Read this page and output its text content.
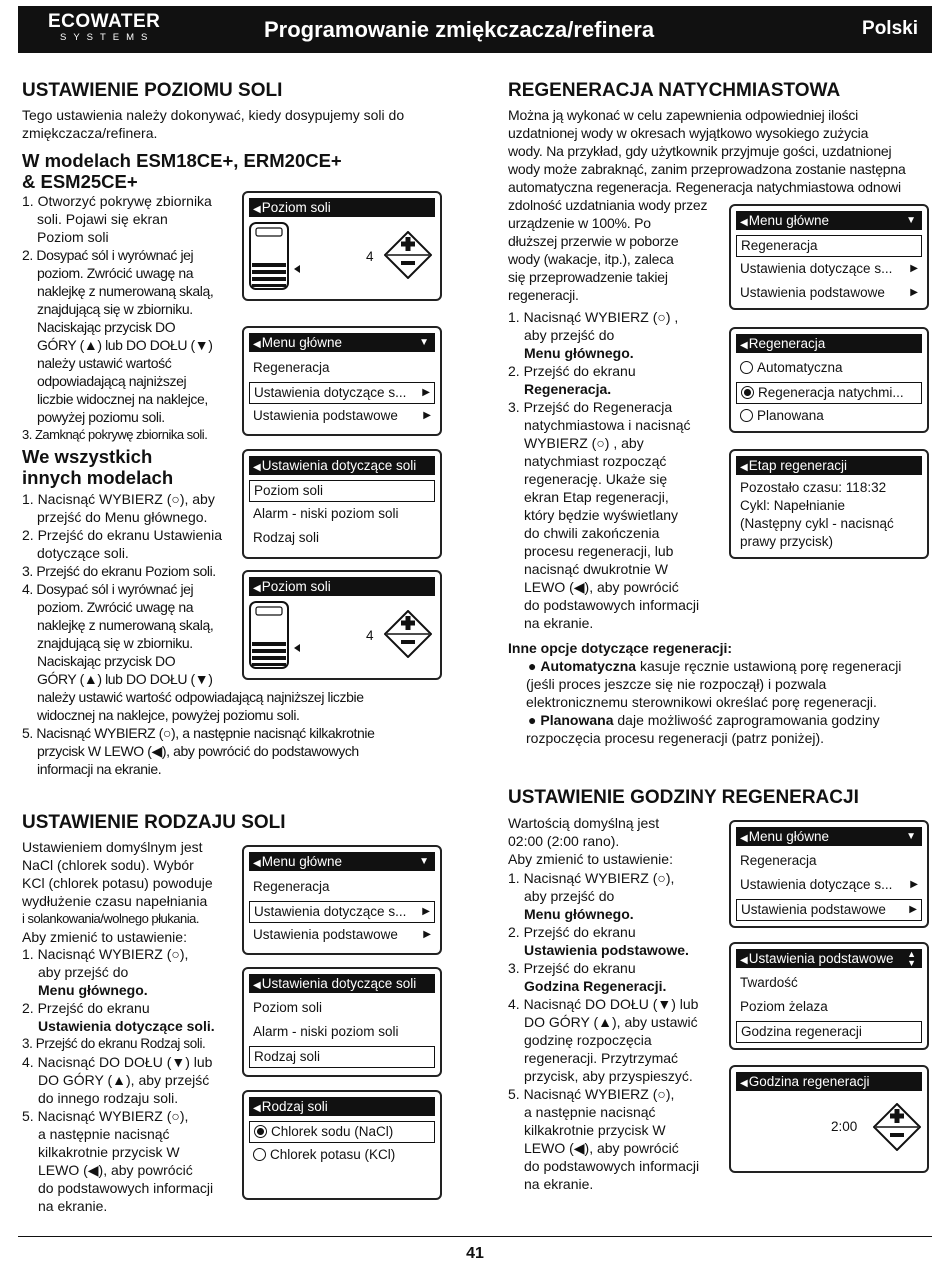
ECOWATER
SYSTEMS	Programowanie zmiękczacza/refinera	Polski
USTAWIENIE POZIOMU SOLI
Tego ustawienia należy dokonywać, kiedy dosypujemy soli do
zmiękczacza/refinera.
W modelach ESM18CE+, ERM20CE+
& ESM25CE+
1. Otworzyć pokrywę zbiornika
soli. Pojawi się ekran
Poziom soli
2. Dosypać sól i wyrównać jej
poziom. Zwrócić uwagę na
naklejkę z numerowaną skalą,
znajdującą się w zbiorniku.
Naciskając przycisk DO
GÓRY (▲) lub DO DOŁU (▼)
należy ustawić wartość
odpowiadającą najniższej
liczbie widocznej na naklejce,
powyżej poziomu soli.
3. Zamknąć pokrywę zbiornika soli.
We wszystkich
innych modelach
1. Nacisnąć WYBIERZ (○), aby
przejść do Menu głównego.
2. Przejść do ekranu Ustawienia
dotyczące soli.
3. Przejść do ekranu Poziom soli.
4. Dosypać sól i wyrównać jej
poziom. Zwrócić uwagę na
naklejkę z numerowaną skalą,
znajdującą się w zbiorniku.
Naciskając przycisk DO
GÓRY (▲) lub DO DOŁU (▼)
należy ustawić wartość odpowiadającą najniższej liczbie
widocznej na naklejce, powyżej poziomu soli.
5. Nacisnąć WYBIERZ (○), a następnie nacisnąć kilkakrotnie
przycisk W LEWO (◀), aby powrócić do podstawowych
informacji na ekranie.
USTAWIENIE RODZAJU SOLI
Ustawieniem domyślnym jest
NaCl (chlorek sodu). Wybór
KCl (chlorek potasu) powoduje
wydłużenie czasu napełniania
i solankowania/wolnego płukania.
Aby zmienić to ustawienie:
1. Nacisnąć WYBIERZ (○),
aby przejść do
Menu głównego.
2. Przejść do ekranu
Ustawienia dotyczące soli.
3. Przejść do ekranu Rodzaj soli.
4. Nacisnąć DO DOŁU (▼) lub
DO GÓRY (▲), aby przejść
do innego rodzaju soli.
5. Nacisnąć WYBIERZ (○),
a następnie nacisnąć
kilkakrotnie przycisk W
LEWO (◀), aby powrócić
do podstawowych informacji
na ekranie.
◀Poziom soli
4
◀Menu główne	▼
Regeneracja
Ustawienia dotyczące s... ▶
Ustawienia podstawowe	▶
◀Ustawienia dotyczące soli
Poziom soli
Alarm - niski poziom soli
Rodzaj soli
◀Poziom soli
4
◀Menu główne	▼
Regeneracja
Ustawienia dotyczące s... ▶
Ustawienia podstawowe	▶
◀Ustawienia dotyczące soli
Poziom soli
Alarm - niski poziom soli
Rodzaj soli
◀Rodzaj soli
Chlorek sodu (NaCl)
Chlorek potasu (KCl)
REGENERACJA NATYCHMIASTOWA
Można ją wykonać w celu zapewnienia odpowiedniej ilości
uzdatnionej wody w okresach wyjątkowo wysokiego zużycia
wody. Na przykład, gdy użytkownik przyjmuje gości, uzdatnionej
wody może zabraknąć, zanim przeprowadzona zostanie następna
automatyczna regeneracja. Regeneracja natychmiastowa odnowi
zdolność uzdatniania wody przez
urządzenie w 100%. Po
dłuższej przerwie w poborze
wody (wakacje, itp.), zaleca
się przeprowadzenie takiej
regeneracji.
1. Nacisnąć WYBIERZ (○) ,
aby przejść do
Menu głównego.
2. Przejść do ekranu
Regeneracja.
3. Przejść do Regeneracja
natychmiastowa i nacisnąć
WYBIERZ (○) , aby
natychmiast rozpocząć
regenerację. Ukaże się
ekran Etap regeneracji,
który będzie wyświetlany
do chwili zakończenia
procesu regeneracji, lub
nacisnąć dwukrotnie W
LEWO (◀), aby powrócić
do podstawowych informacji
na ekranie.
Inne opcje dotyczące regeneracji:
● Automatyczna kasuje ręcznie ustawioną porę regeneracji
(jeśli proces jeszcze się nie rozpoczął) i pozwala
elektronicznemu sterownikowi określać porę regeneracji.
● Planowana daje możliwość zaprogramowania godziny
rozpoczęcia procesu regeneracji (patrz poniżej).
◀Menu główne	▼
Regeneracja
Ustawienia dotyczące s... ▶
Ustawienia podstawowe	▶
◀Regeneracja
Automatyczna
Regeneracja natychmi...
Planowana
◀Etap regeneracji
Pozostało czasu: 118:32
Cykl: Napełnianie
(Następny cykl - nacisnąć
prawy przycisk)
USTAWIENIE GODZINY REGENERACJI
Wartością domyślną jest
02:00 (2:00 rano).
Aby zmienić to ustawienie:
1. Nacisnąć WYBIERZ (○),
aby przejść do
Menu głównego.
2. Przejść do ekranu
Ustawienia podstawowe.
3. Przejść do ekranu
Godzina Regeneracji.
4. Nacisnąć DO DOŁU (▼) lub
DO GÓRY (▲), aby ustawić
godzinę rozpoczęcia
regeneracji. Przytrzymać
przycisk, aby przyspieszyć.
5. Nacisnąć WYBIERZ (○),
a następnie nacisnąć
kilkakrotnie przycisk W
LEWO (◀), aby powrócić
do podstawowych informacji
na ekranie.
◀Menu główne	▼
Regeneracja
Ustawienia dotyczące s... ▶
Ustawienia podstawowe ▶
◀Ustawienia podstawowe ▲
▼
Twardość
Poziom żelaza
Godzina regeneracji
◀Godzina regeneracji
2:00
41
